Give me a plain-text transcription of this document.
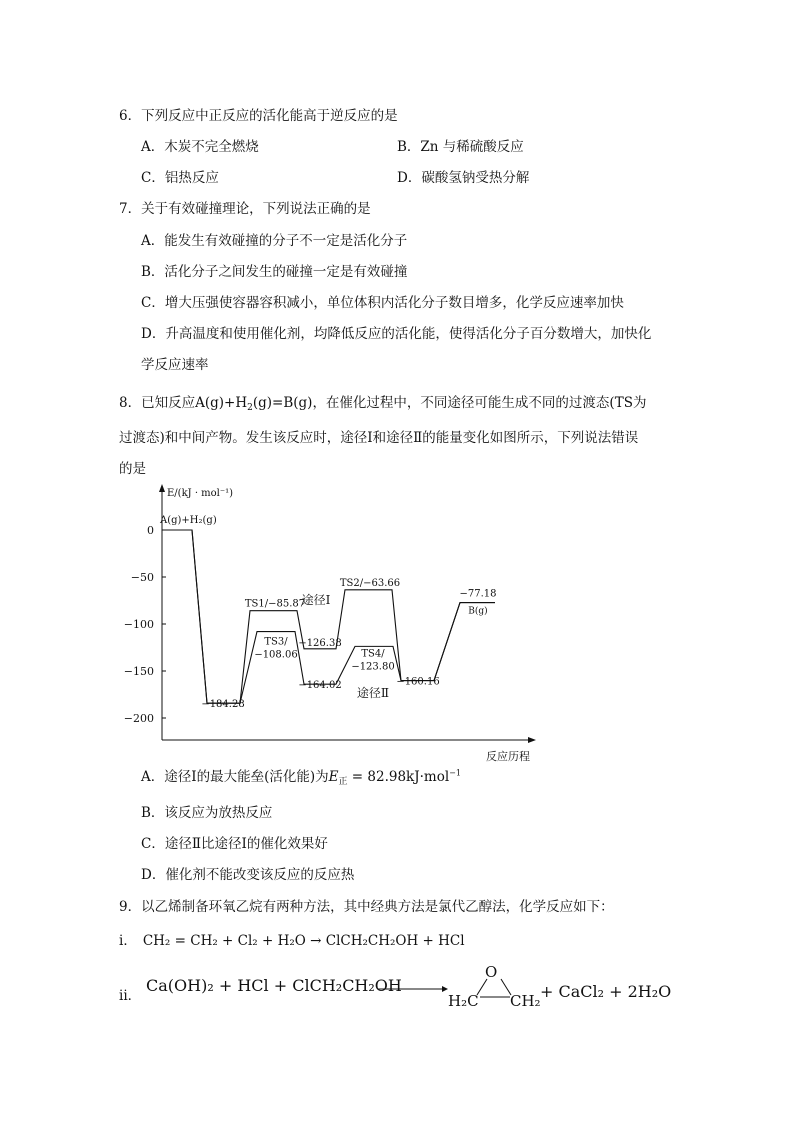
6．下列反应中正反应的活化能高于逆反应的是
A．木炭不完全燃烧	B．Zn 与稀硫酸反应
C．铝热反应	D．碳酸氢钠受热分解
7．关于有效碰撞理论，下列说法正确的是
A．能发生有效碰撞的分子不一定是活化分子
B．活化分子之间发生的碰撞一定是有效碰撞
C．增大压强使容器容积减小，单位体积内活化分子数目增多，化学反应速率加快
D．升高温度和使用催化剂，均降低反应的活化能，使得活化分子百分数增大，加快化
学反应速率
8．已知反应$A(g)+H_2(g)=B(g)$，在催化过程中，不同途径可能生成不同的过渡态(TS为
过渡态)和中间产物。发生该反应时，途径Ⅰ和途径Ⅱ的能量变化如图所示，下列说法错误
的是
0
−50
−100
−150
−200
E/(kJ · mol⁻¹)
反应历程
A(g)+H₂(g)
−184.28
TS1/−85.87
TS3/
−108.06
−126.38
−164.02
TS2/−63.66
TS4/
−123.80
−160.16
−77.18
B(g)
途径Ⅰ
途径Ⅱ
A．途径Ⅰ的最大能垒(活化能)为$E_正 = 82.98kJ\cdot mol^{-1}$
B．该反应为放热反应
C．途径Ⅱ比途径Ⅰ的催化效果好
D．催化剂不能改变该反应的反应热
9．以乙烯制备环氧乙烷有两种方法，其中经典方法是氯代乙醇法，化学反应如下：
i． CH₂ = CH₂ + Cl₂ + H₂O → ClCH₂CH₂OH + HCl
ii．
Ca(OH)₂ + HCl + ClCH₂CH₂OH
O
H₂C CH₂ + CaCl₂ + 2H₂O
